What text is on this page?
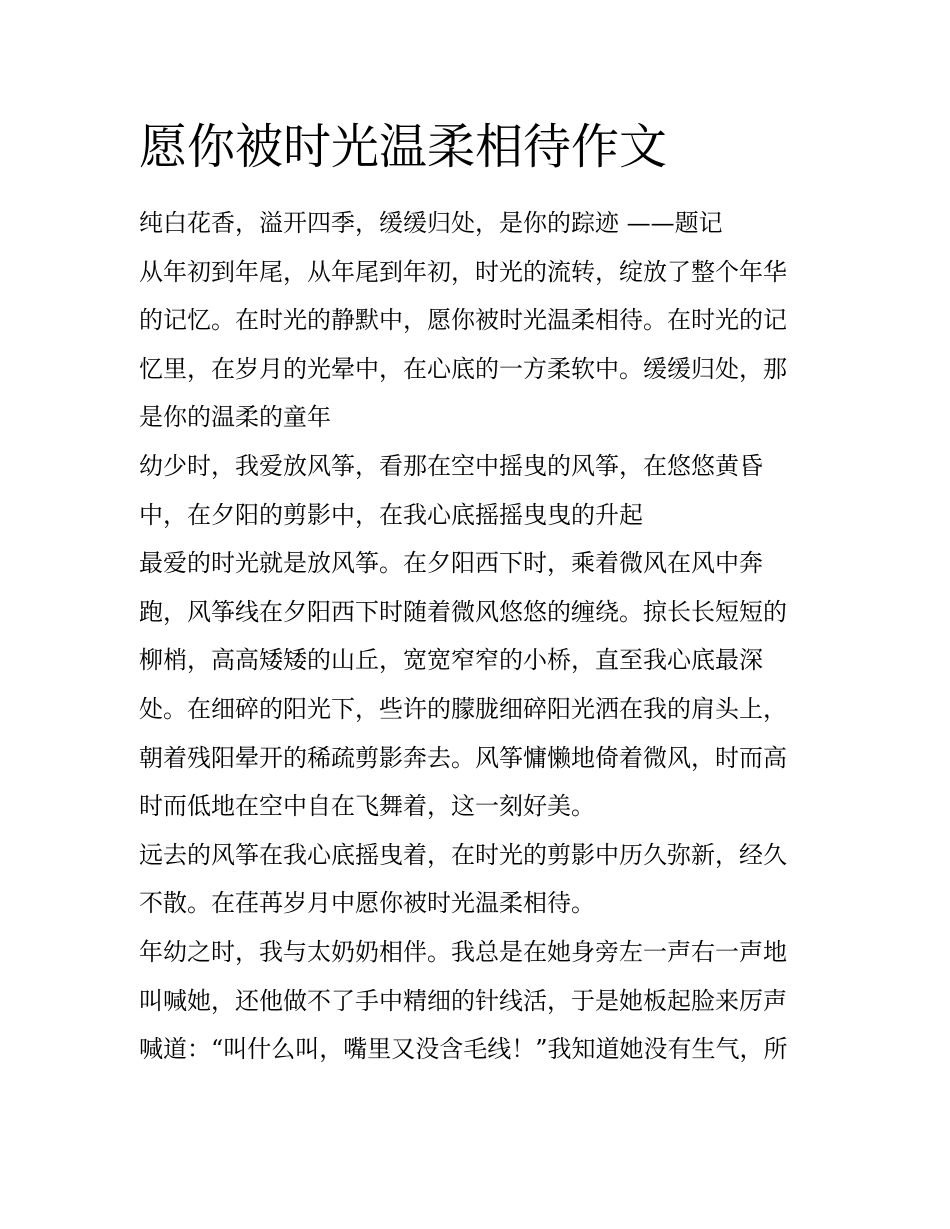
愿你被时光温柔相待作文

纯白花香，溢开四季，缓缓归处，是你的踪迹 ——题记

从年初到年尾，从年尾到年初，时光的流转，绽放了整个年华

的记忆。在时光的静默中，愿你被时光温柔相待。在时光的记

忆里，在岁月的光晕中，在心底的一方柔软中。缓缓归处，那

是你的温柔的童年

幼少时，我爱放风筝，看那在空中摇曳的风筝，在悠悠黄昏

中，在夕阳的剪影中，在我心底摇摇曳曳的升起

最爱的时光就是放风筝。在夕阳西下时，乘着微风在风中奔

跑，风筝线在夕阳西下时随着微风悠悠的缠绕。掠长长短短的

柳梢，高高矮矮的山丘，宽宽窄窄的小桥，直至我心底最深

处。在细碎的阳光下，些许的朦胧细碎阳光洒在我的肩头上，

朝着残阳晕开的稀疏剪影奔去。风筝慵懒地倚着微风，时而高

时而低地在空中自在飞舞着，这一刻好美。

远去的风筝在我心底摇曳着，在时光的剪影中历久弥新，经久

不散。在荏苒岁月中愿你被时光温柔相待。

年幼之时，我与太奶奶相伴。我总是在她身旁左一声右一声地

叫喊她，还他做不了手中精细的针线活，于是她板起脸来厉声

喊道：“叫什么叫，嘴里又没含毛线！”我知道她没有生气，所
